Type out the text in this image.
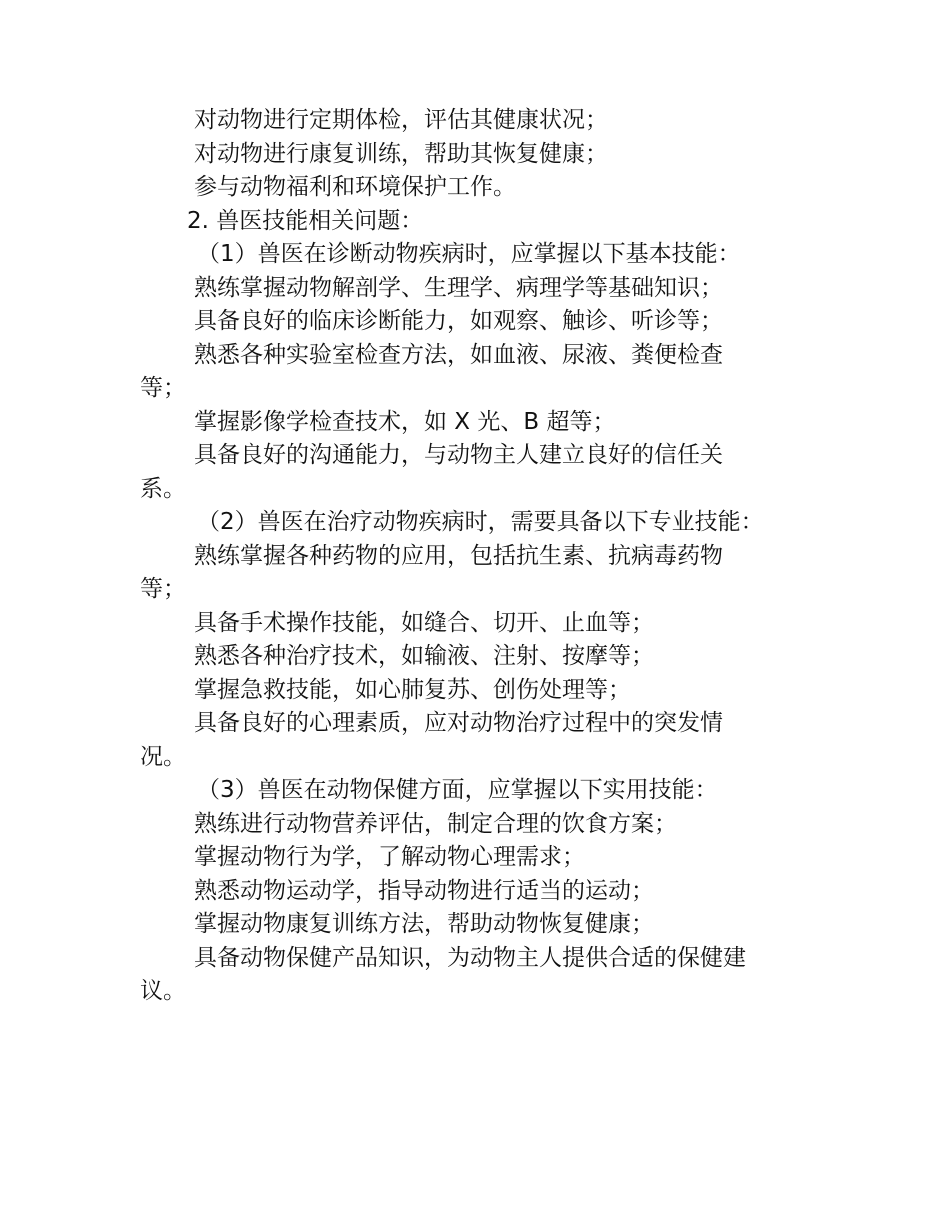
对动物进行定期体检，评估其健康状况；

对动物进行康复训练，帮助其恢复健康；

参与动物福利和环境保护工作。

2. 兽医技能相关问题：

（1）兽医在诊断动物疾病时，应掌握以下基本技能：

熟练掌握动物解剖学、生理学、病理学等基础知识；

具备良好的临床诊断能力，如观察、触诊、听诊等；

熟悉各种实验室检查方法，如血液、尿液、粪便检查
等；

掌握影像学检查技术，如 X 光、B 超等；

具备良好的沟通能力，与动物主人建立良好的信任关
系。

（2）兽医在治疗动物疾病时，需要具备以下专业技能：

熟练掌握各种药物的应用，包括抗生素、抗病毒药物
等；

具备手术操作技能，如缝合、切开、止血等；

熟悉各种治疗技术，如输液、注射、按摩等；

掌握急救技能，如心肺复苏、创伤处理等；

具备良好的心理素质，应对动物治疗过程中的突发情
况。

（3）兽医在动物保健方面，应掌握以下实用技能：

熟练进行动物营养评估，制定合理的饮食方案；

掌握动物行为学，了解动物心理需求；

熟悉动物运动学，指导动物进行适当的运动；

掌握动物康复训练方法，帮助动物恢复健康；

具备动物保健产品知识，为动物主人提供合适的保健建
议。
